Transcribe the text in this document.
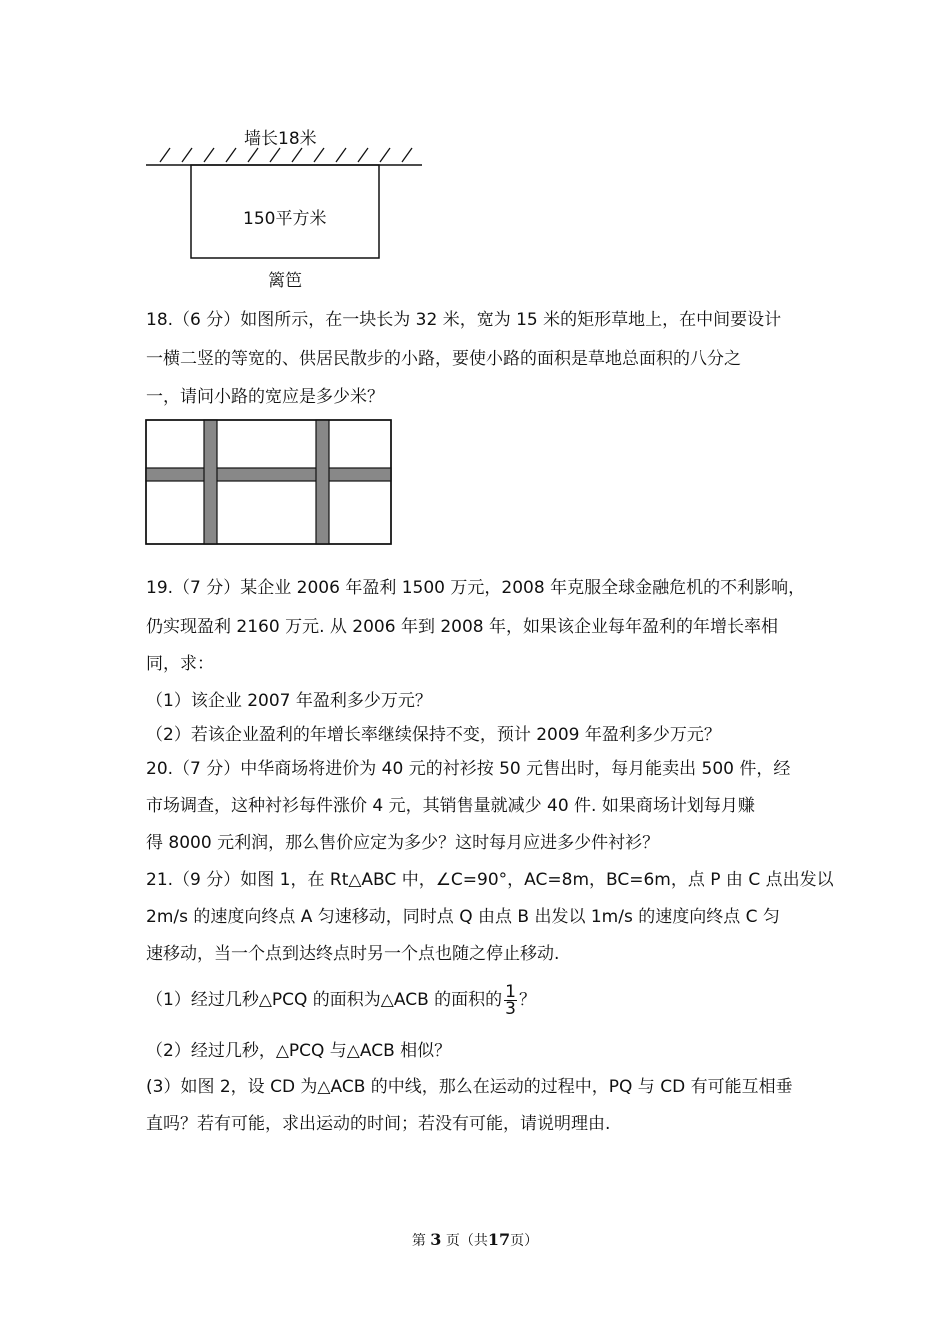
墙长18米
150平方米
篱笆
18.（6 分）如图所示，在一块长为 32 米，宽为 15 米的矩形草地上，在中间要设计
一横二竖的等宽的、供居民散步的小路，要使小路的面积是草地总面积的八分之
一，请问小路的宽应是多少米？
19.（7 分）某企业 2006 年盈利 1500 万元，2008 年克服全球金融危机的不利影响，
仍实现盈利 2160 万元. 从 2006 年到 2008 年，如果该企业每年盈利的年增长率相
同，求：
（1）该企业 2007 年盈利多少万元？
（2）若该企业盈利的年增长率继续保持不变，预计 2009 年盈利多少万元？
20.（7 分）中华商场将进价为 40 元的衬衫按 50 元售出时，每月能卖出 500 件，经
市场调查，这种衬衫每件涨价 4 元，其销售量就减少 40 件. 如果商场计划每月赚
得 8000 元利润，那么售价应定为多少？这时每月应进多少件衬衫？
21.（9 分）如图 1，在 Rt△ABC 中，∠C=90°，AC=8m，BC=6m，点 P 由 C 点出发以
2m/s 的速度向终点 A 匀速移动，同时点 Q 由点 B 出发以 1m/s 的速度向终点 C 匀
速移动，当一个点到达终点时另一个点也随之停止移动.
（1）经过几秒△PCQ 的面积为△ACB 的面积的 $\frac{1}{3}$ ？
（2）经过几秒，△PCQ 与△ACB 相似？
(3）如图 2，设 CD 为△ACB 的中线，那么在运动的过程中，PQ 与 CD 有可能互相垂
直吗？若有可能，求出运动的时间；若没有可能，请说明理由.
第 3 页（共17页）
